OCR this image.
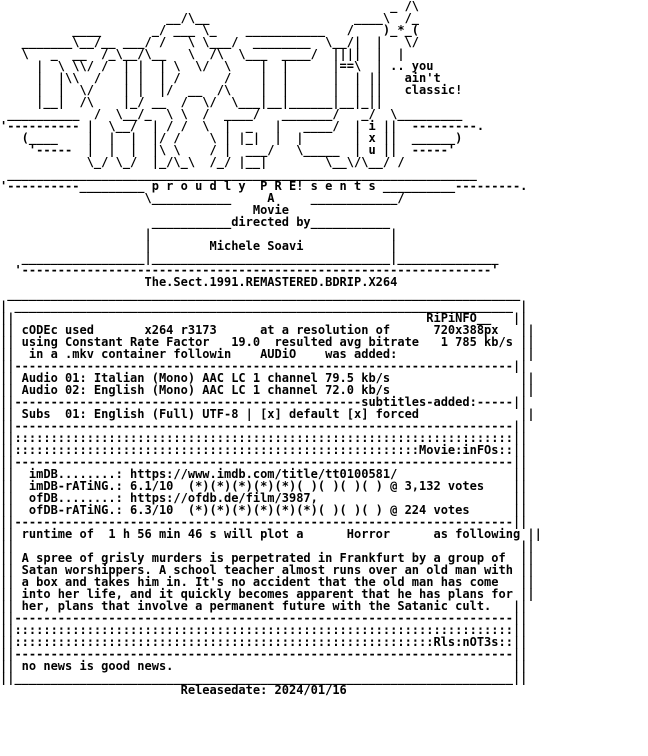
_ /\
__/\__                    ____\  /_
____       _/ ___ \_    ___________   /    )_*_(
_______\__/__ ___/ /   \ \___/  ________  \__/|  |   \/
\   _  __  /_\__/\__   \  /\  \___  ____/  ||||  |  |
|  \ \\/ /  | |  | \  \/  \    |  |      |==\  | .. you
|  |\\  /   | |  | /      /    |  |      |  | ||   ain't
|  |  \/    | |  |/  __  /\    |  |      |  | ||   classic!
|__|  /\    |_/ __  /  \/  \___|__|______|__|_||
__________  /  \__/_  \ \  /  ____/   _______/   _/  \_________
'---------- |  \__/  | / /  \  |  _   |   ____/  | i ||  ---------.
(____    |  |  |  |/ /    \ | |_|  |  |       | x ||  ______)
'-----  |  |  |  |\ \    / |  ___/   \_____  | u ||  -----'
\_/ \_/  |_/\_\  /_/ |__|        \__\/\__/ /
_________________________________________________________________
'----------_________ p r o u d l y  P R E! s e n t s __________---------.
\___________     A     ____________/
Movie
___________directed by___________
|                                 |
|        Michele Soavi            |
_________________|_________________________________|______________
'-----------------------------------------------------------------'
The.Sect.1991.REMASTERED.BDRIP.X264
_______________________________________________________________________
| _____________________________________________________________________ |
||                                                         RiPiNFO__   ||
|| cODEc used       x264 r3173      at a resolution of      720x388px   ||
|| using Constant Rate Factor   19.0  resulted avg bitrate   1 785 kb/s ||
||  in a .mkv container followin    AUDiO    was added:                 ||
||---------------------------------------------------------------------||
|| Audio 01: Italian (Mono) AAC LC 1 channel 79.5 kb/s                  ||
|| Audio 02: English (Mono) AAC LC 1 channel 72.0 kb/s                  ||
||------------------------------------------------subtitles-added:-----||
|| Subs  01: English (Full) UTF-8 | [x] default [x] forced              ||
||---------------------------------------------------------------------||
||:::::::::::::::::::::::::::::::::::::::::::::::::::::::::::::::::::::||
||::::::::::::::::::::::::::::::::::::::::::::::::::::::::Movie:inFOs::||
||---------------------------------------------------------------------||
||  imDB........: https://www.imdb.com/title/tt0100581/                ||
||  imDB-rATiNG.: 6.1/10  (*)(*)(*)(*)(*)( )( )( )( ) @ 3,132 votes    ||
||  ofDB........: https://ofdb.de/film/3987,                           ||
||  ofDB-rATiNG.: 6.3/10  (*)(*)(*)(*)(*)(*)( )( )( ) @ 224 votes      ||
||---------------------------------------------------------------------||
|| runtime of  1 h 56 min 46 s will plot a      Horror      as following ||
||                                                                      ||
|| A spree of grisly murders is perpetrated in Frankfurt by a group of  ||
|| Satan worshippers. A school teacher almost runs over an old man with ||
|| a box and takes him in. It's no accident that the old man has come   ||
|| into her life, and it quickly becomes apparent that he has plans for ||
|| her, plans that involve a permanent future with the Satanic cult.   ||
||---------------------------------------------------------------------||
||:::::::::::::::::::::::::::::::::::::::::::::::::::::::::::::::::::::||
||::::::::::::::::::::::::::::::::::::::::::::::::::::::::::Rls:nOT3s::||
||---------------------------------------------------------------------||
|| no news is good news.                                               ||
||_____________________________________________________________________||
Releasedate: 2024/01/16
